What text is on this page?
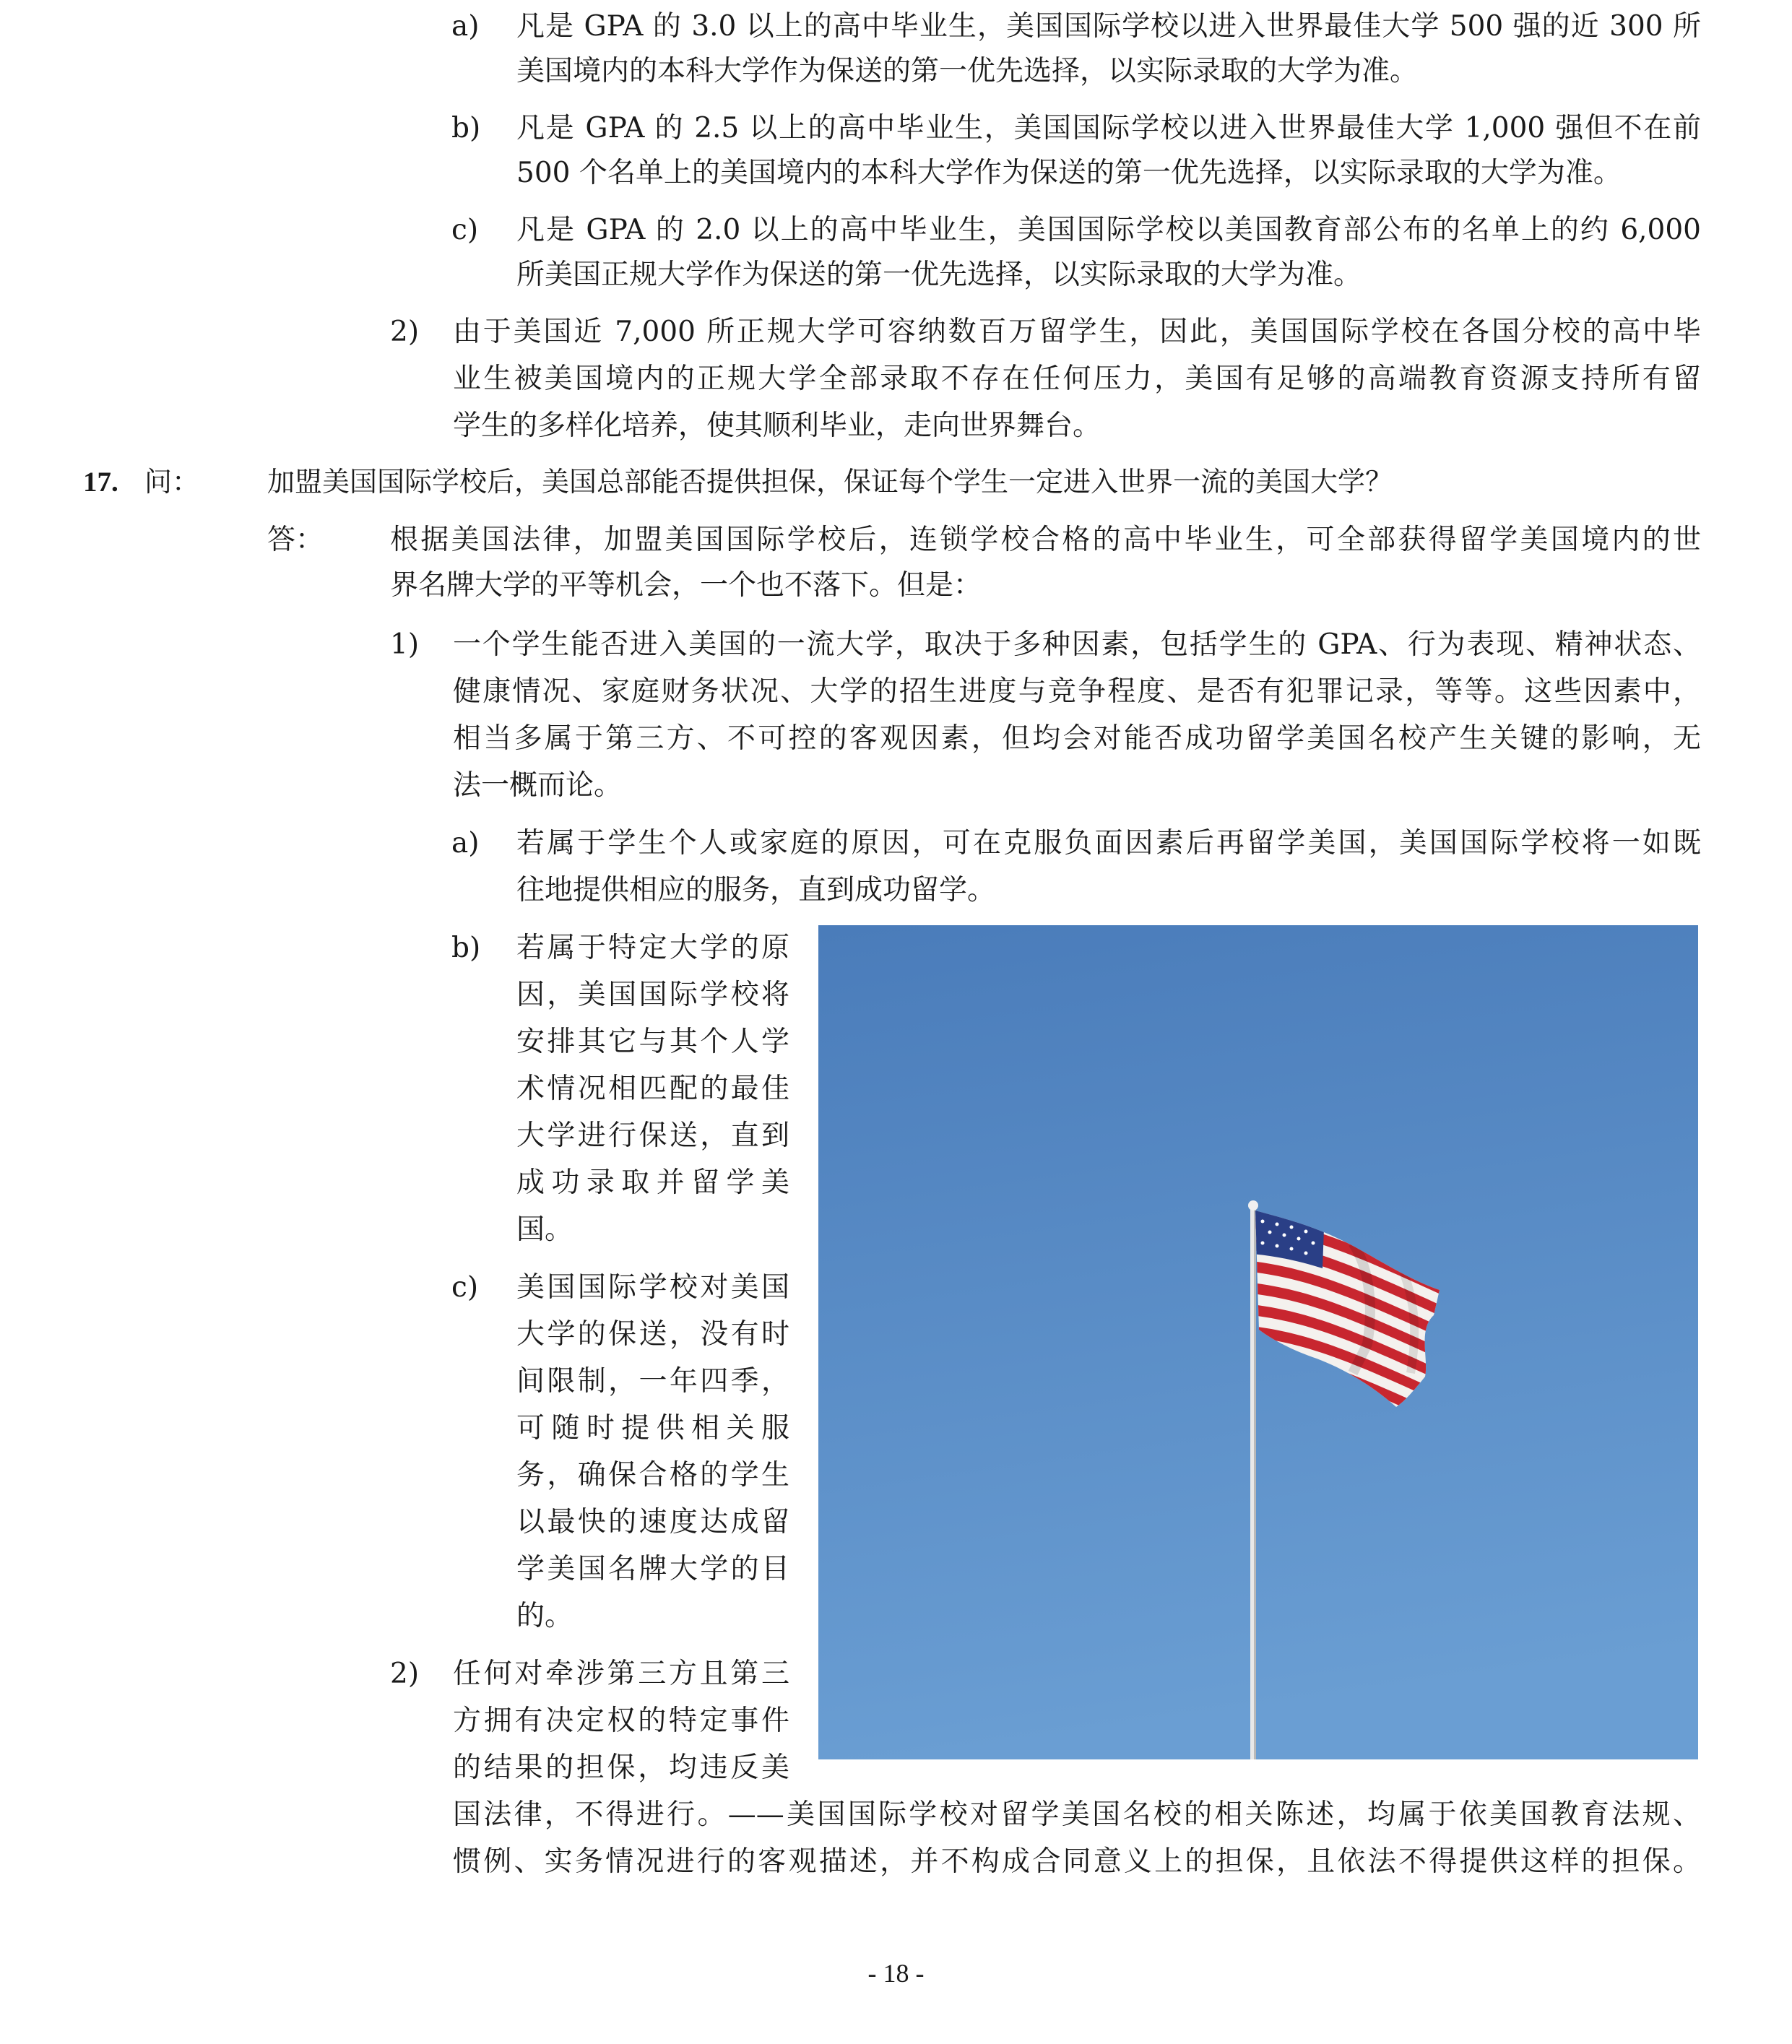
a) 凡是 GPA 的 3.0 以上的高中毕业生，美国国际学校以进入世界最佳大学 500 强的近 300 所
美国境内的本科大学作为保送的第一优先选择，以实际录取的大学为准。
b) 凡是 GPA 的 2.5 以上的高中毕业生，美国国际学校以进入世界最佳大学 1,000 强但不在前
500 个名单上的美国境内的本科大学作为保送的第一优先选择，以实际录取的大学为准。
c) 凡是 GPA 的 2.0 以上的高中毕业生，美国国际学校以美国教育部公布的名单上的约 6,000
所美国正规大学作为保送的第一优先选择，以实际录取的大学为准。
2) 由于美国近 7,000 所正规大学可容纳数百万留学生，因此，美国国际学校在各国分校的高中毕
业生被美国境内的正规大学全部录取不存在任何压力，美国有足够的高端教育资源支持所有留
学生的多样化培养，使其顺利毕业，走向世界舞台。
17. 问： 加盟美国国际学校后，美国总部能否提供担保，保证每个学生一定进入世界一流的美国大学？
答： 根据美国法律，加盟美国国际学校后，连锁学校合格的高中毕业生，可全部获得留学美国境内的世
界名牌大学的平等机会，一个也不落下。但是：
1) 一个学生能否进入美国的一流大学，取决于多种因素，包括学生的 GPA、行为表现、精神状态、
健康情况、家庭财务状况、大学的招生进度与竞争程度、是否有犯罪记录，等等。这些因素中，
相当多属于第三方、不可控的客观因素，但均会对能否成功留学美国名校产生关键的影响，无
法一概而论。
a) 若属于学生个人或家庭的原因，可在克服负面因素后再留学美国，美国国际学校将一如既
往地提供相应的服务，直到成功留学。
b) 若属于特定大学的原
因，美国国际学校将
安排其它与其个人学
术情况相匹配的最佳
大学进行保送，直到
成功录取并留学美
国。
c) 美国国际学校对美国
大学的保送，没有时
间限制，一年四季，
可随时提供相关服
务，确保合格的学生
以最快的速度达成留
学美国名牌大学的目
的。
2) 任何对牵涉第三方且第三
方拥有决定权的特定事件
的结果的担保，均违反美
国法律，不得进行。——美国国际学校对留学美国名校的相关陈述，均属于依美国教育法规、
惯例、实务情况进行的客观描述，并不构成合同意义上的担保，且依法不得提供这样的担保。
- 18 -
